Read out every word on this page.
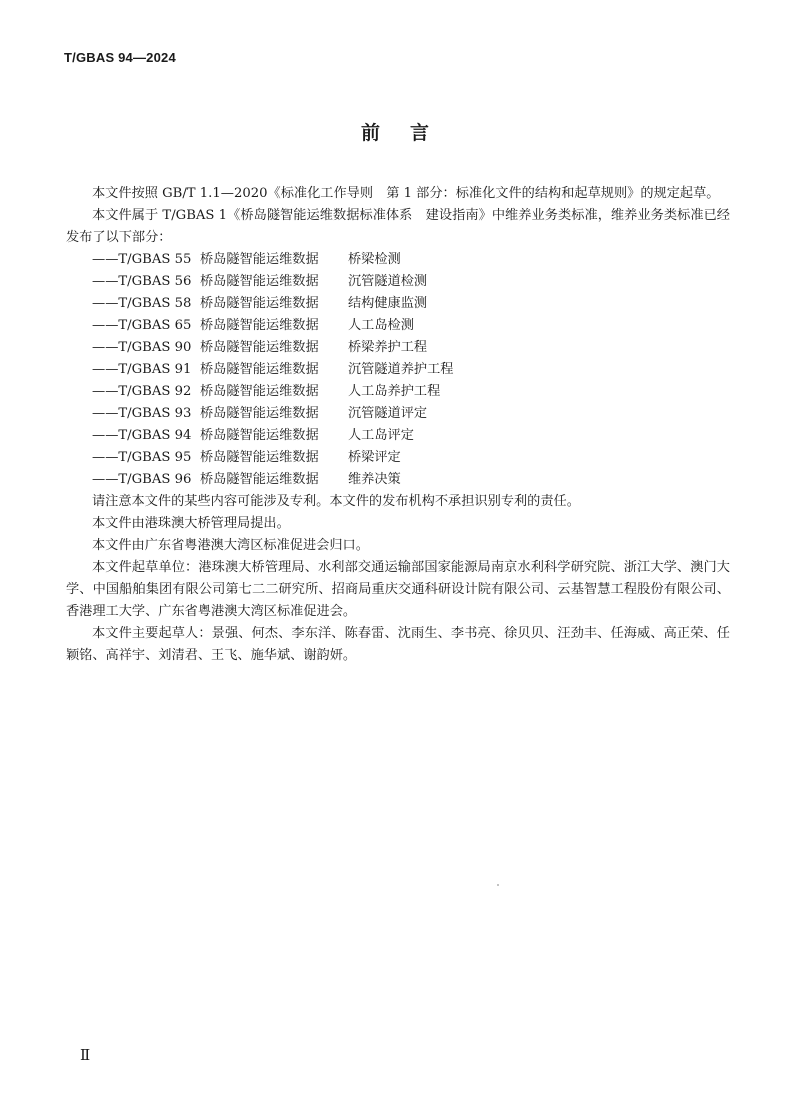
T/GBAS 94—2024
前言

本文件按照 GB/T 1.1—2020《标准化工作导则　第 1 部分：标准化文件的结构和起草规则》的规定起草。

本文件属于 T/GBAS 1《桥岛隧智能运维数据标准体系　建设指南》中维养业务类标准，维养业务类标准已经发布了以下部分：

——T/GBAS 55 桥岛隧智能运维数据 桥梁检测
——T/GBAS 56 桥岛隧智能运维数据 沉管隧道检测
——T/GBAS 58 桥岛隧智能运维数据 结构健康监测
——T/GBAS 65 桥岛隧智能运维数据 人工岛检测
——T/GBAS 90 桥岛隧智能运维数据 桥梁养护工程
——T/GBAS 91 桥岛隧智能运维数据 沉管隧道养护工程
——T/GBAS 92 桥岛隧智能运维数据 人工岛养护工程
——T/GBAS 93 桥岛隧智能运维数据 沉管隧道评定
——T/GBAS 94 桥岛隧智能运维数据 人工岛评定
——T/GBAS 95 桥岛隧智能运维数据 桥梁评定
——T/GBAS 96 桥岛隧智能运维数据 维养决策

请注意本文件的某些内容可能涉及专利。本文件的发布机构不承担识别专利的责任。

本文件由港珠澳大桥管理局提出。

本文件由广东省粤港澳大湾区标准促进会归口。

本文件起草单位：港珠澳大桥管理局、水利部交通运输部国家能源局南京水利科学研究院、浙江大学、澳门大学、中国船舶集团有限公司第七二二研究所、招商局重庆交通科研设计院有限公司、云基智慧工程股份有限公司、香港理工大学、广东省粤港澳大湾区标准促进会。

本文件主要起草人：景强、何杰、李东洋、陈春雷、沈雨生、李书亮、徐贝贝、汪劲丰、任海威、高正荣、任颖铭、高祥宇、刘清君、王飞、施华斌、谢韵妍。

Ⅱ
